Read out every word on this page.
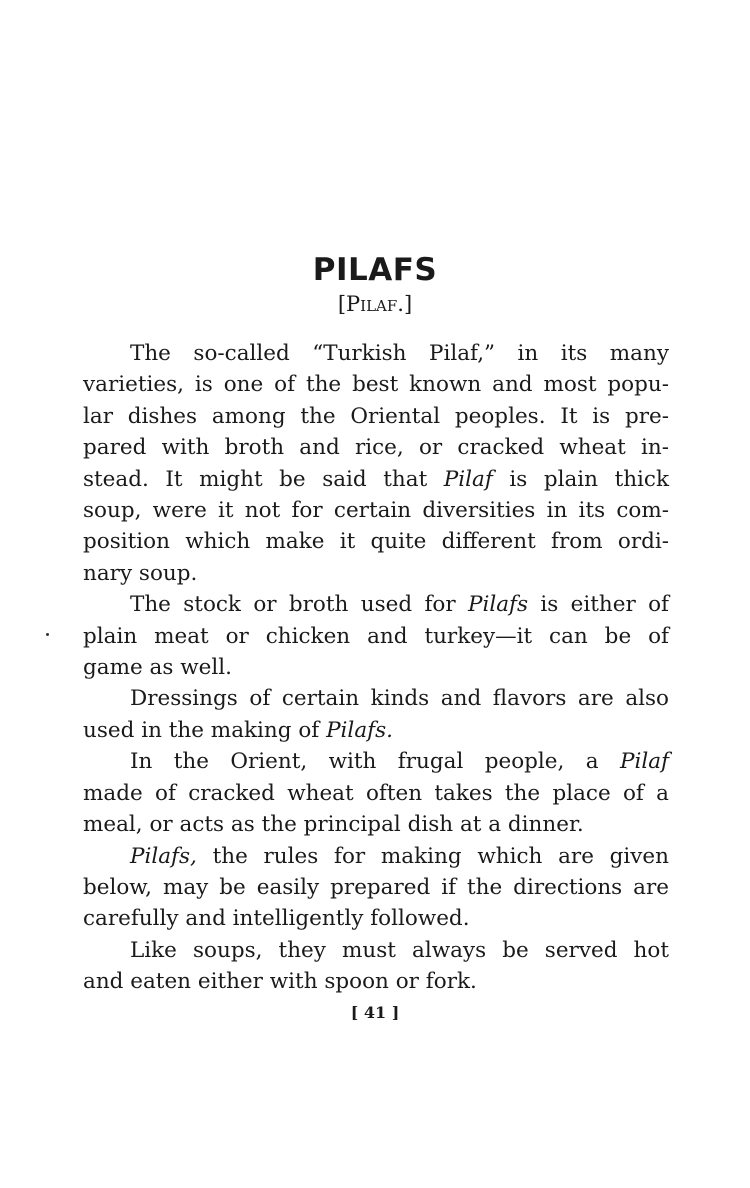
PILAFS
[Pilaf.]
The so-called “Turkish Pilaf,” in its many
varieties, is one of the best known and most popu-
lar dishes among the Oriental peoples. It is pre-
pared with broth and rice, or cracked wheat in-
stead. It might be said that Pilaf is plain thick
soup, were it not for certain diversities in its com-
position which make it quite different from ordi-
nary soup.
The stock or broth used for Pilafs is either of
plain meat or chicken and turkey—it can be of
game as well.
Dressings of certain kinds and flavors are also
used in the making of Pilafs.
In the Orient, with frugal people, a Pilaf
made of cracked wheat often takes the place of a
meal, or acts as the principal dish at a dinner.
Pilafs, the rules for making which are given
below, may be easily prepared if the directions are
carefully and intelligently followed.
Like soups, they must always be served hot
and eaten either with spoon or fork.
[ 41 ]
